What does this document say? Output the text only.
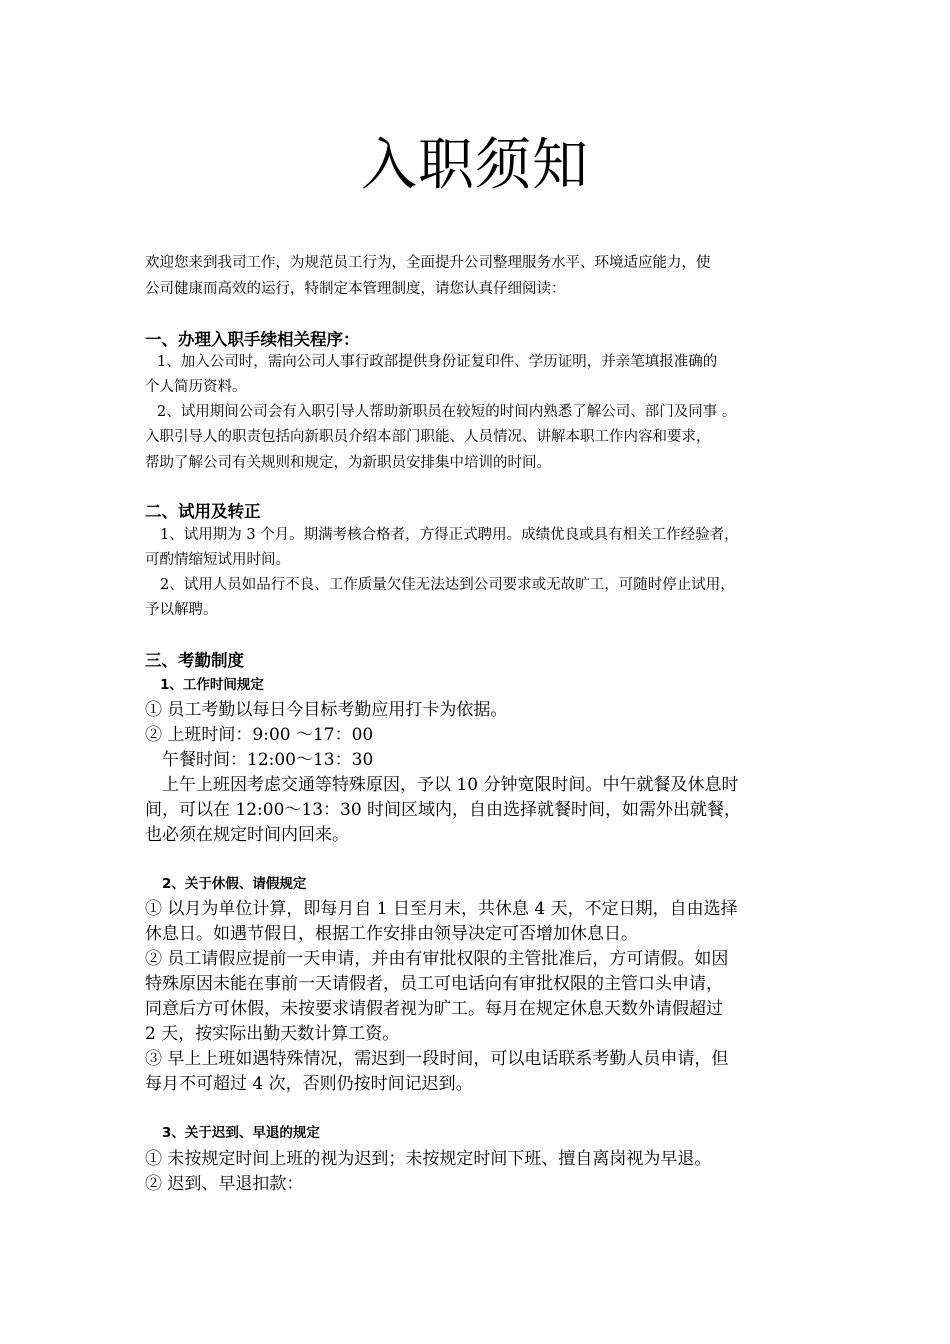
入职须知
欢迎您来到我司工作，为规范员工行为，全面提升公司整理服务水平、环境适应能力，使
公司健康而高效的运行，特制定本管理制度，请您认真仔细阅读：
一、办理入职手续相关程序：
1、加入公司时，需向公司人事行政部提供身份证复印件、学历证明，并亲笔填报准确的
个人简历资料。
2、试用期间公司会有入职引导人帮助新职员在较短的时间内熟悉了解公司、部门及同事 。
入职引导人的职责包括向新职员介绍本部门职能、人员情况、讲解本职工作内容和要求，
帮助了解公司有关规则和规定，为新职员安排集中培训的时间。
二、试用及转正
1、试用期为 3 个月。期满考核合格者，方得正式聘用。成绩优良或具有相关工作经验者，
可酌情缩短试用时间。
2、试用人员如品行不良、工作质量欠佳无法达到公司要求或无故旷工，可随时停止试用，
予以解聘。
三、考勤制度
1、工作时间规定
① 员工考勤以每日今目标考勤应用打卡为依据。
② 上班时间：9:00 ～17：00
午餐时间：12:00～13：30
上午上班因考虑交通等特殊原因，予以 10 分钟宽限时间。中午就餐及休息时
间，可以在 12:00～13：30 时间区域内，自由选择就餐时间，如需外出就餐，
也必须在规定时间内回来。
2、关于休假、请假规定
① 以月为单位计算，即每月自 1 日至月末，共休息 4 天，不定日期，自由选择
休息日。如遇节假日，根据工作安排由领导决定可否增加休息日。
② 员工请假应提前一天申请，并由有审批权限的主管批准后，方可请假。如因
特殊原因未能在事前一天请假者，员工可电话向有审批权限的主管口头申请，
同意后方可休假，未按要求请假者视为旷工。每月在规定休息天数外请假超过
2 天，按实际出勤天数计算工资。
③ 早上上班如遇特殊情况，需迟到一段时间，可以电话联系考勤人员申请，但
每月不可超过 4 次，否则仍按时间记迟到。
3、关于迟到、早退的规定
① 未按规定时间上班的视为迟到；未按规定时间下班、擅自离岗视为早退。
② 迟到、早退扣款：
